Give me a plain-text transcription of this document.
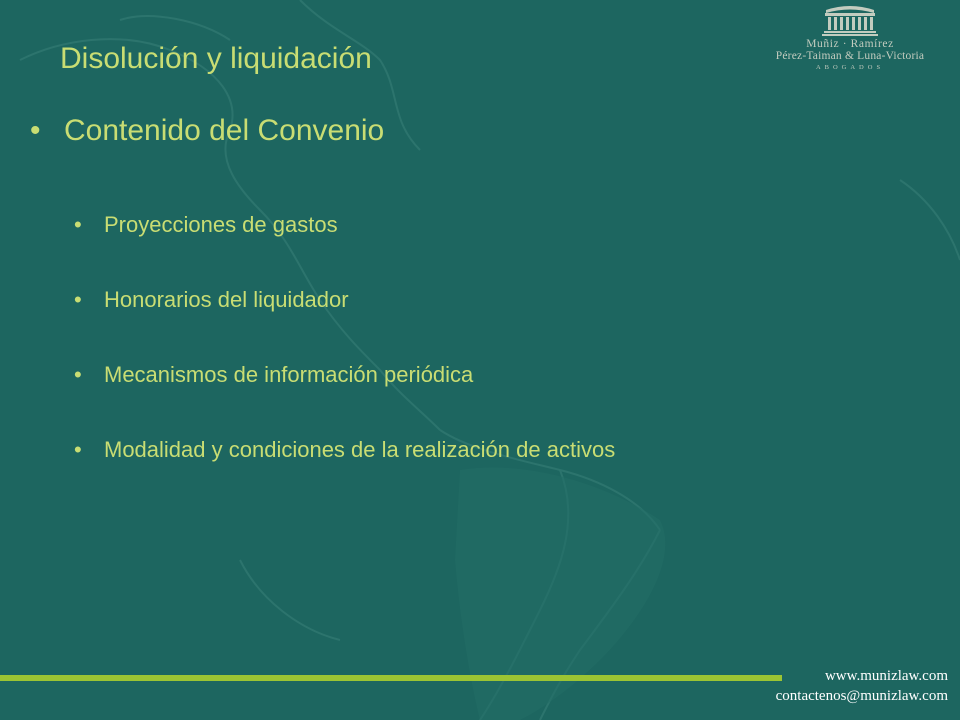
Disolución y liquidación
• Contenido del Convenio
• Proyecciones de gastos
• Honorarios del liquidador
• Mecanismos de información periódica
• Modalidad y condiciones de la realización de activos
Muñiz · Ramírez
Pérez-Taiman & Luna-Victoria
ABOGADOS
www.munizlaw.com
contactenos@munizlaw.com
